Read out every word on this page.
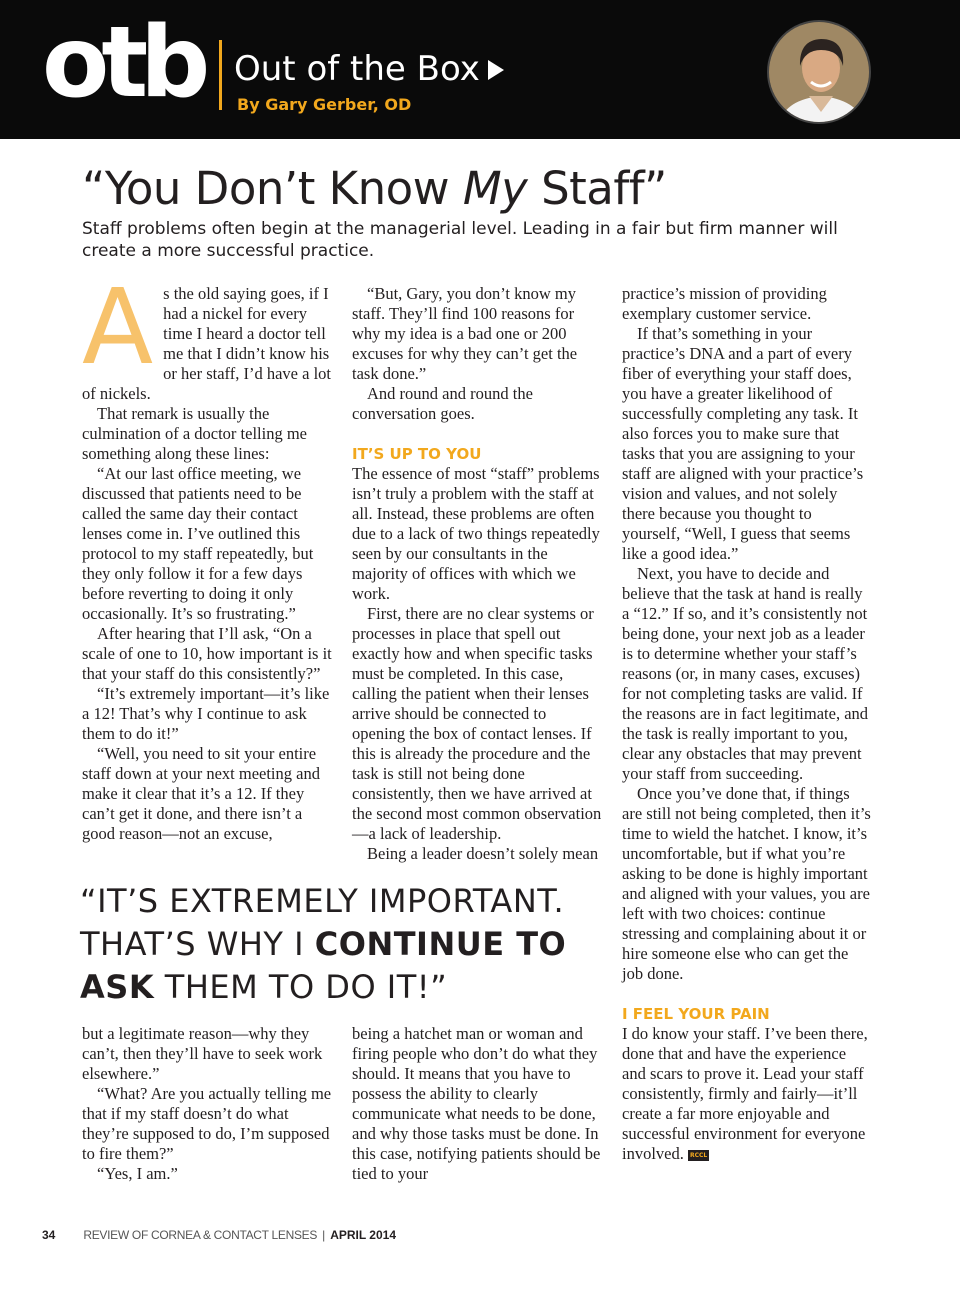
otb Out of the Box
By Gary Gerber, OD
“You Don’t Know My Staff”

Staff problems often begin at the managerial level. Leading in a fair but firm manner will create a more successful practice.

A s the old saying goes, if I had a nickel for every time I heard a doctor tell me that I didn’t know his or her staff, I’d have a lot of nickels.

That remark is usually the culmination of a doctor telling me something along these lines:

“At our last office meeting, we discussed that patients need to be called the same day their contact lenses come in. I’ve outlined this protocol to my staff repeatedly, but they only follow it for a few days before reverting to doing it only occasionally. It’s so frustrating.”

After hearing that I’ll ask, “On a scale of one to 10, how important is it that your staff do this consistently?”

“It’s extremely important—it’s like a 12! That’s why I continue to ask them to do it!”

“Well, you need to sit your entire staff down at your next meeting and make it clear that it’s a 12. If they can’t get it done, and there isn’t a good reason—not an excuse,

“But, Gary, you don’t know my staff. They’ll find 100 reasons for why my idea is a bad one or 200 excuses for why they can’t get the task done.”

And round and round the conversation goes.

IT’S UP TO YOU

The essence of most “staff” problems isn’t truly a problem with the staff at all. Instead, these problems are often due to a lack of two things repeatedly seen by our consultants in the majority of offices with which we work.

First, there are no clear systems or processes in place that spell out exactly how and when specific tasks must be completed. In this case, calling the patient when their lenses arrive should be connected to opening the box of contact lenses. If this is already the procedure and the task is still not being done consistently, then we have arrived at the second most common observation—a lack of leadership.

Being a leader doesn’t solely mean

practice’s mission of providing exemplary customer service.

If that’s something in your practice’s DNA and a part of every fiber of everything your staff does, you have a greater likelihood of successfully completing any task. It also forces you to make sure that tasks that you are assigning to your staff are aligned with your practice’s vision and values, and not solely there because you thought to yourself, “Well, I guess that seems like a good idea.”

Next, you have to decide and believe that the task at hand is really a “12.” If so, and it’s consistently not being done, your next job as a leader is to determine whether your staff’s reasons (or, in many cases, excuses) for not completing tasks are valid. If the reasons are in fact legitimate, and the task is really important to you, clear any obstacles that may prevent your staff from succeeding.

Once you’ve done that, if things are still not being completed, then it’s time to wield the hatchet. I know, it’s uncomfortable, but if what you’re asking to be done is highly important and aligned with your values, you are left with two choices: continue stressing and complaining about it or hire someone else who can get the job done.

I FEEL YOUR PAIN

I do know your staff. I’ve been there, done that and have the experience and scars to prove it. Lead your staff consistently, firmly and fairly—it’ll create a far more enjoyable and successful environment for everyone involved. RCCL

“IT’S EXTREMELY IMPORTANT. THAT’S WHY I CONTINUE TO ASK THEM TO DO IT!”

but a legitimate reason—why they can’t, then they’ll have to seek work elsewhere.”

“What? Are you actually telling me that if my staff doesn’t do what they’re supposed to do, I’m supposed to fire them?”

“Yes, I am.”

being a hatchet man or woman and firing people who don’t do what they should. It means that you have to possess the ability to clearly communicate what needs to be done, and why those tasks must be done. In this case, notifying patients should be tied to your

34 REVIEW OF CORNEA & CONTACT LENSES | APRIL 2014
